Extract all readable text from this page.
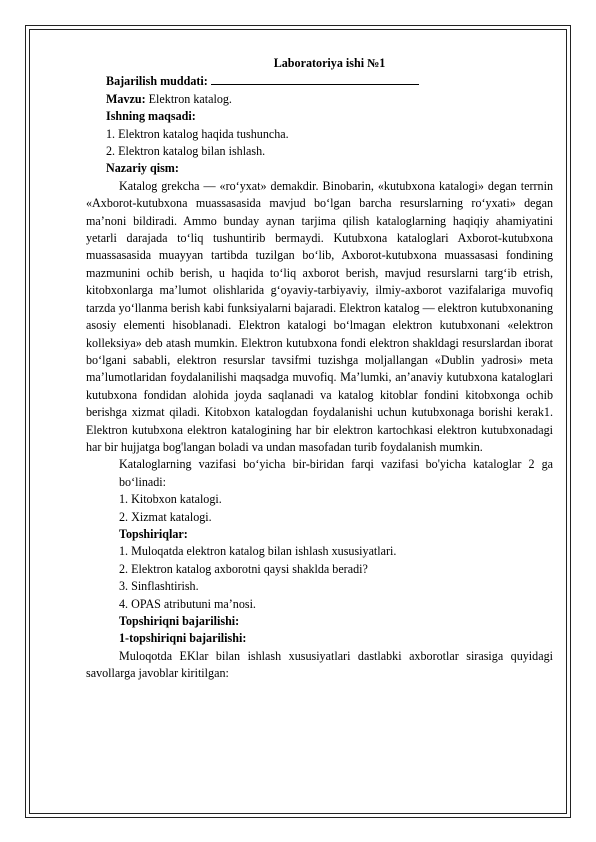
Laboratoriya ishi №1

Bajarilish muddati:

Mavzu: Elektron katalog.

Ishning maqsadi:

1. Elektron katalog haqida tushuncha.

2. Elektron katalog bilan ishlash.

Nazariy qism:

Katalog grekcha — «ro‘yxat» demakdir. Binobarin, «kutubxona katalogi» degan terrnin «Axborot-kutubxona muassasasida mavjud bo‘lgan barcha resurslarning ro‘yxati» degan ma’noni bildiradi. Ammo bunday aynan tarjima qilish kataloglarning haqiqiy ahamiyatini yetarli darajada to‘liq tushuntirib bermaydi. Kutubxona kataloglari Axborot-kutubxona muassasasida muayyan tartibda tuzilgan bo‘lib, Axborot-kutubxona muassasasi fondining mazmunini ochib berish, u haqida to‘liq axborot berish, mavjud resurslarni targ‘ib etrish, kitobxonlarga ma’lumot olishlarida g‘oyaviy-tarbiyaviy, ilmiy-axborot vazifalariga muvofiq tarzda yo‘llanma berish kabi funksiyalarni bajaradi. Elektron katalog — elektron kutubxonaning asosiy elementi hisoblanadi. Elektron katalogi bo‘lmagan elektron kutubxonani «elektron kolleksiya» deb atash mumkin. Elektron kutubxona fondi elektron shakldagi resurslardan iborat bo‘lgani sababli, elektron resurslar tavsifmi tuzishga moljallangan «Dublin yadrosi» meta ma’lumotlaridan foydalanilishi maqsadga muvofiq. Ma’lumki, an’anaviy kutubxona kataloglari kutubxona fondidan alohida joyda saqlanadi va katalog kitoblar fondini kitobxonga ochib berishga xizmat qiladi. Kitobxon katalogdan foydalanishi uchun kutubxonaga borishi kerak1. Elektron kutubxona elektron katalogining har bir elektron kartochkasi elektron kutubxonadagi har bir hujjatga bog'langan boladi va undan masofadan turib foydalanish mumkin.

Kataloglarning vazifasi bo‘yicha bir-biridan farqi vazifasi bo'yicha kataloglar 2 ga bo‘linadi:

1. Kitobxon katalogi.

2. Xizmat katalogi.

Topshiriqlar:

1. Muloqatda elektron katalog bilan ishlash xususiyatlari.

2. Elektron katalog axborotni qaysi shaklda beradi?

3. Sinflashtirish.

4. OPAS atributuni ma’nosi.

Topshiriqni bajarilishi:

1-topshiriqni bajarilishi:

Muloqotda EKlar bilan ishlash xususiyatlari dastlabki axborotlar sirasiga quyidagi savollarga javoblar kiritilgan:
